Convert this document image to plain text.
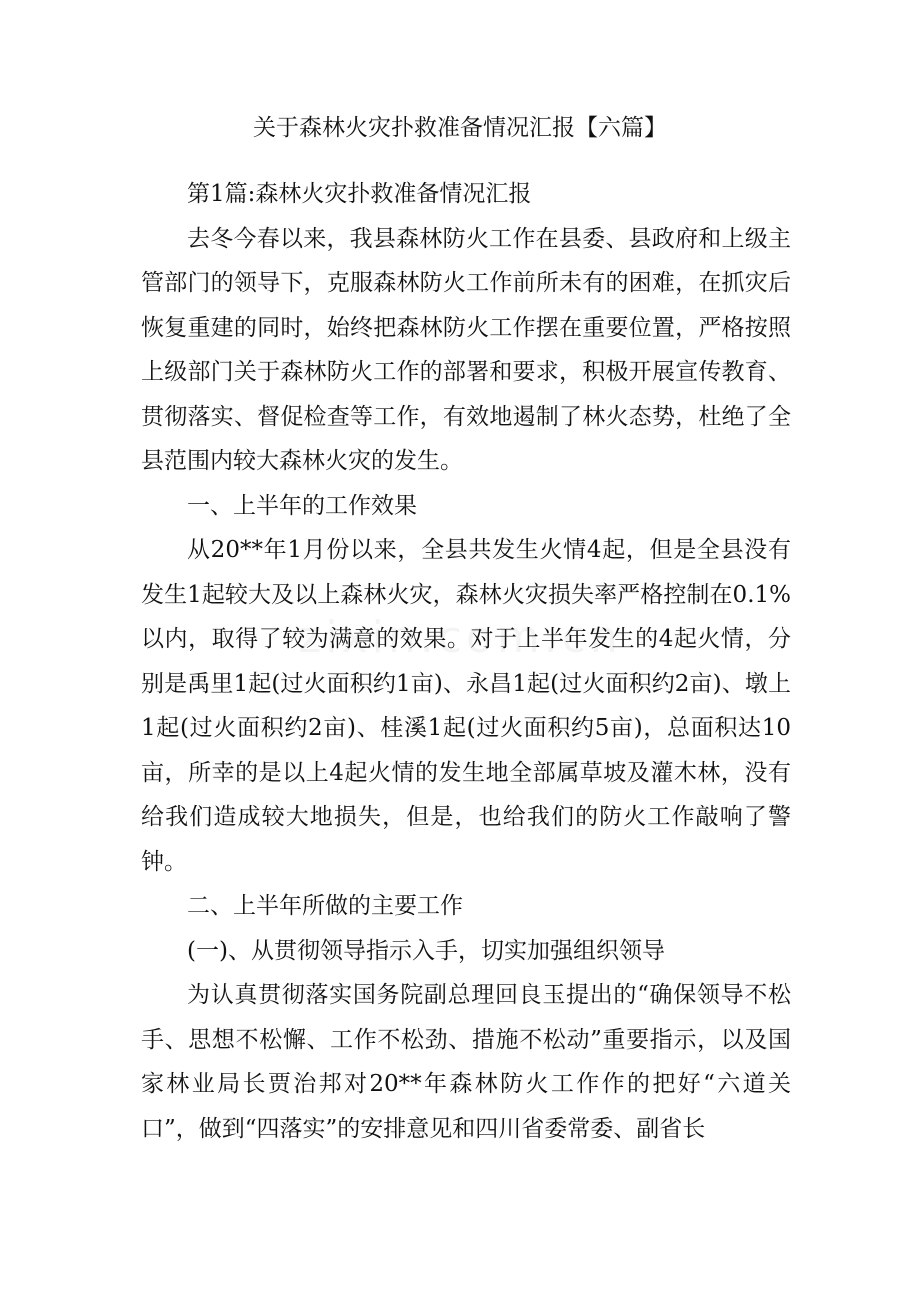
关于森林火灾扑救准备情况汇报【六篇】

第1篇:森林火灾扑救准备情况汇报

去冬今春以来，我县森林防火工作在县委、县政府和上级主管部门的领导下，克服森林防火工作前所未有的困难，在抓灾后恢复重建的同时，始终把森林防火工作摆在重要位置，严格按照上级部门关于森林防火工作的部署和要求，积极开展宣传教育、贯彻落实、督促检查等工作，有效地遏制了林火态势，杜绝了全县范围内较大森林火灾的发生。

一、上半年的工作效果

从20**年1月份以来，全县共发生火情4起，但是全县没有发生1起较大及以上森林火灾，森林火灾损失率严格控制在0.1%以内，取得了较为满意的效果。对于上半年发生的4起火情，分别是禹里1起(过火面积约1亩)、永昌1起(过火面积约2亩)、墩上1起(过火面积约2亩)、桂溪1起(过火面积约5亩)，总面积达10亩，所幸的是以上4起火情的发生地全部属草坡及灌木林，没有给我们造成较大地损失，但是，也给我们的防火工作敲响了警钟。

二、上半年所做的主要工作

(一)、从贯彻领导指示入手，切实加强组织领导

为认真贯彻落实国务院副总理回良玉提出的“确保领导不松手、思想不松懈、工作不松劲、措施不松动”重要指示，以及国家林业局长贾治邦对20**年森林防火工作作的把好“六道关口”，做到“四落实”的安排意见和四川省委常委、副省长
